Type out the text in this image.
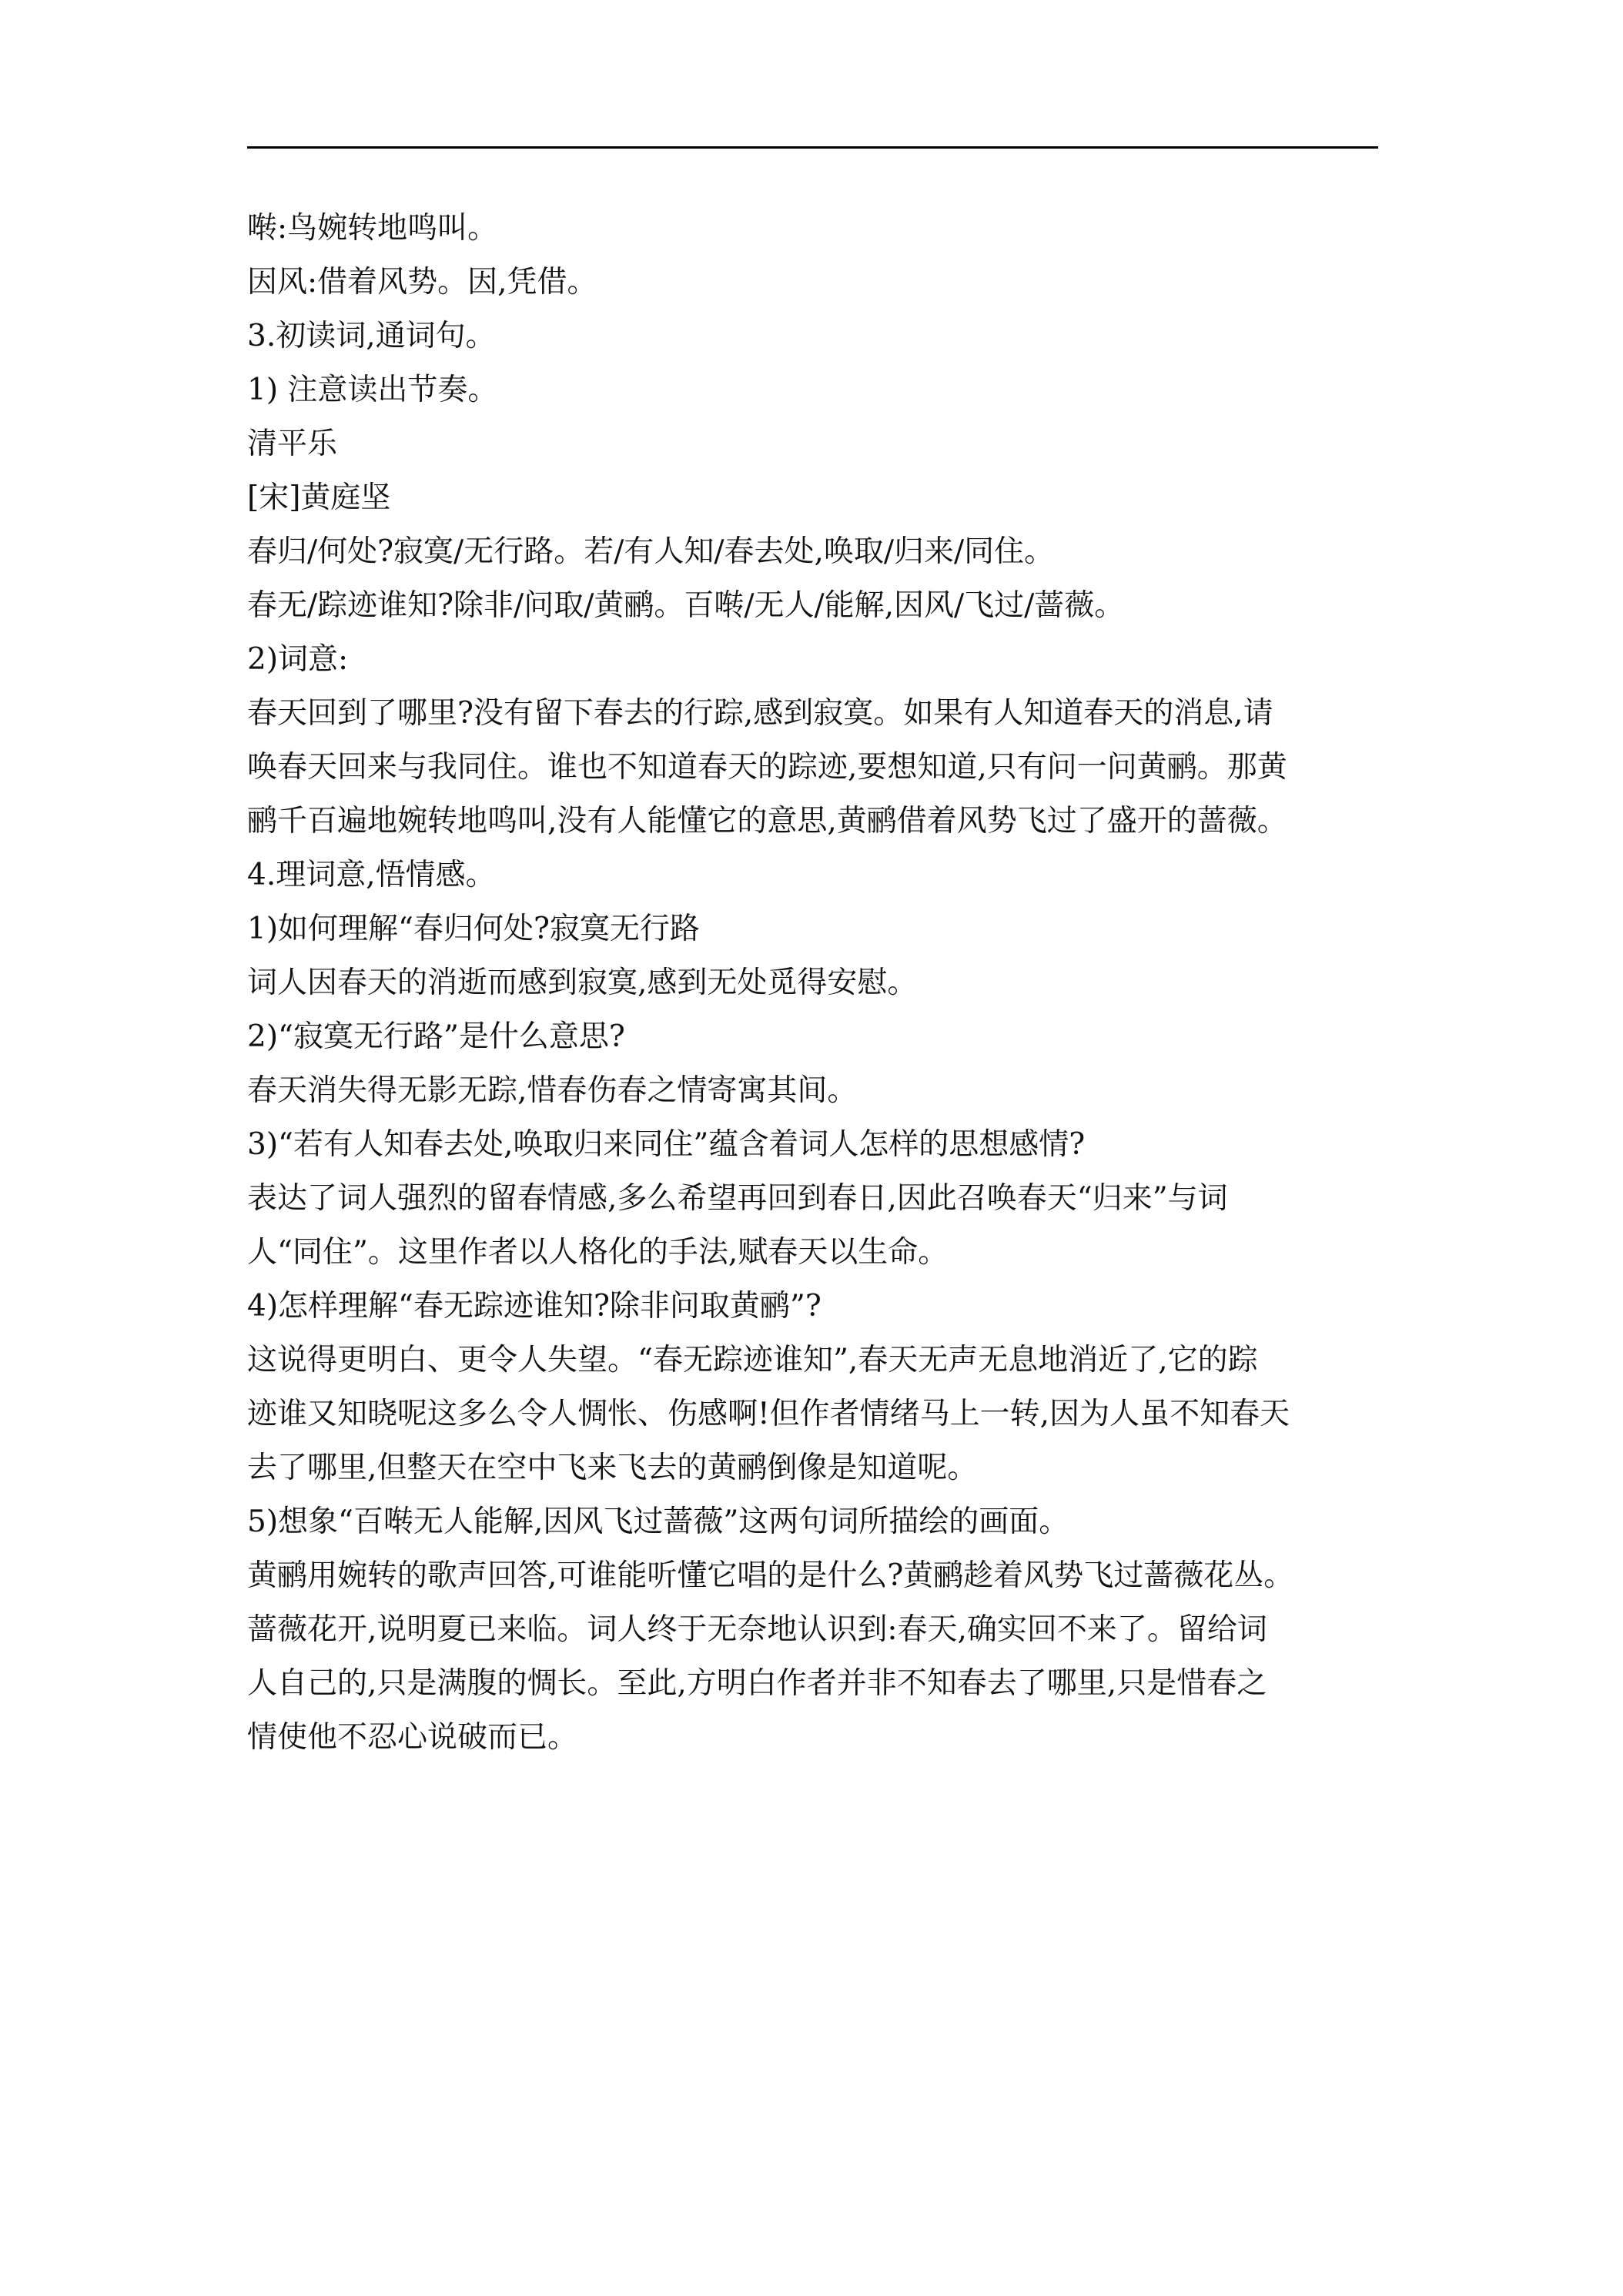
啭:鸟婉转地鸣叫。
因风:借着风势。因,凭借。
3.初读词,通词句。
1) 注意读出节奏。
清平乐
[宋]黄庭坚
春归/何处?寂寞/无行路。若/有人知/春去处,唤取/归来/同住。
春无/踪迹谁知?除非/问取/黄鹂。百啭/无人/能解,因风/飞过/蔷薇。
2)词意:
春天回到了哪里?没有留下春去的行踪,感到寂寞。如果有人知道春天的消息,请
唤春天回来与我同住。谁也不知道春天的踪迹,要想知道,只有问一问黄鹂。那黄
鹂千百遍地婉转地鸣叫,没有人能懂它的意思,黄鹂借着风势飞过了盛开的蔷薇。
4.理词意,悟情感。
1)如何理解“春归何处?寂寞无行路
词人因春天的消逝而感到寂寞,感到无处觅得安慰。
2)“寂寞无行路”是什么意思?
春天消失得无影无踪,惜春伤春之情寄寓其间。
3)“若有人知春去处,唤取归来同住”蕴含着词人怎样的思想感情?
表达了词人强烈的留春情感,多么希望再回到春日,因此召唤春天“归来”与词
人“同住”。这里作者以人格化的手法,赋春天以生命。
4)怎样理解“春无踪迹谁知?除非问取黄鹂”?
这说得更明白、更令人失望。“春无踪迹谁知”,春天无声无息地消近了,它的踪
迹谁又知晓呢这多么令人惆怅、伤感啊!但作者情绪马上一转,因为人虽不知春天
去了哪里,但整天在空中飞来飞去的黄鹂倒像是知道呢。
5)想象“百啭无人能解,因风飞过蔷薇”这两句词所描绘的画面。
黄鹂用婉转的歌声回答,可谁能听懂它唱的是什么?黄鹂趁着风势飞过蔷薇花丛。
蔷薇花开,说明夏已来临。词人终于无奈地认识到:春天,确实回不来了。留给词
人自己的,只是满腹的惆长。至此,方明白作者并非不知春去了哪里,只是惜春之
情使他不忍心说破而已。
